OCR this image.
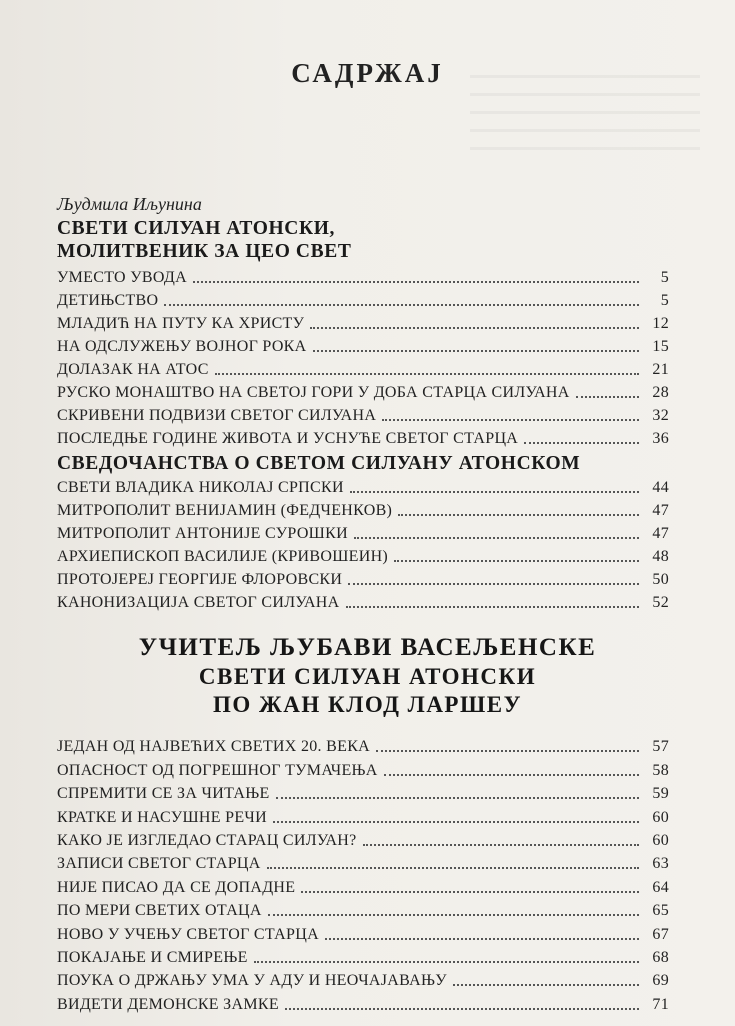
САДРЖАЈ
Људмила Иљунина
СВЕТИ СИЛУАН АТОНСКИ,
МОЛИТВЕНИК ЗА ЦЕО СВЕТ
УМЕСТО УВОДА	5
ДЕТИЊСТВО	5
МЛАДИЋ НА ПУТУ КА ХРИСТУ	12
НА ОДСЛУЖЕЊУ ВОЈНОГ РОКА	15
ДОЛАЗАК НА АТОС	21
РУСКО МОНАШТВО НА СВЕТОЈ ГОРИ У ДОБА СТАРЦА СИЛУАНА	28
СКРИВЕНИ ПОДВИЗИ СВЕТОГ СИЛУАНА	32
ПОСЛЕДЊЕ ГОДИНЕ ЖИВОТА И УСНУЋЕ СВЕТОГ СТАРЦА	36
СВЕДОЧАНСТВА О СВЕТОМ СИЛУАНУ АТОНСКОМ
СВЕТИ ВЛАДИКА НИКОЛАЈ СРПСКИ	44
МИТРОПОЛИТ ВЕНИЈАМИН (ФЕДЧЕНКОВ)	47
МИТРОПОЛИТ АНТОНИЈЕ СУРОШКИ	47
АРХИЕПИСКОП ВАСИЛИЈЕ (КРИВОШЕИН)	48
ПРОТОЈЕРЕЈ ГЕОРГИЈЕ ФЛОРОВСКИ	50
КАНОНИЗАЦИЈА СВЕТОГ СИЛУАНА	52
УЧИТЕЉ ЉУБАВИ ВАСЕЉЕНСКЕ
СВЕТИ СИЛУАН АТОНСКИ
ПО ЖАН КЛОД ЛАРШЕУ
ЈЕДАН ОД НАЈВЕЋИХ СВЕТИХ 20. ВЕКА	57
ОПАСНОСТ ОД ПОГРЕШНОГ ТУМАЧЕЊА	58
СПРЕМИТИ СЕ ЗА ЧИТАЊЕ	59
КРАТКЕ И НАСУШНЕ РЕЧИ	60
КАКО ЈЕ ИЗГЛЕДАО СТАРАЦ СИЛУАН?	60
ЗАПИСИ СВЕТОГ СТАРЦА	63
НИЈЕ ПИСАО ДА СЕ ДОПАДНЕ	64
ПО МЕРИ СВЕТИХ ОТАЦА	65
НОВО У УЧЕЊУ СВЕТОГ СТАРЦА	67
ПОКАЈАЊЕ И СМИРЕЊЕ	68
ПОУКА О ДРЖАЊУ УМА У АДУ И НЕОЧАЈАВАЊУ	69
ВИДЕТИ ДЕМОНСКЕ ЗАМКЕ	71
